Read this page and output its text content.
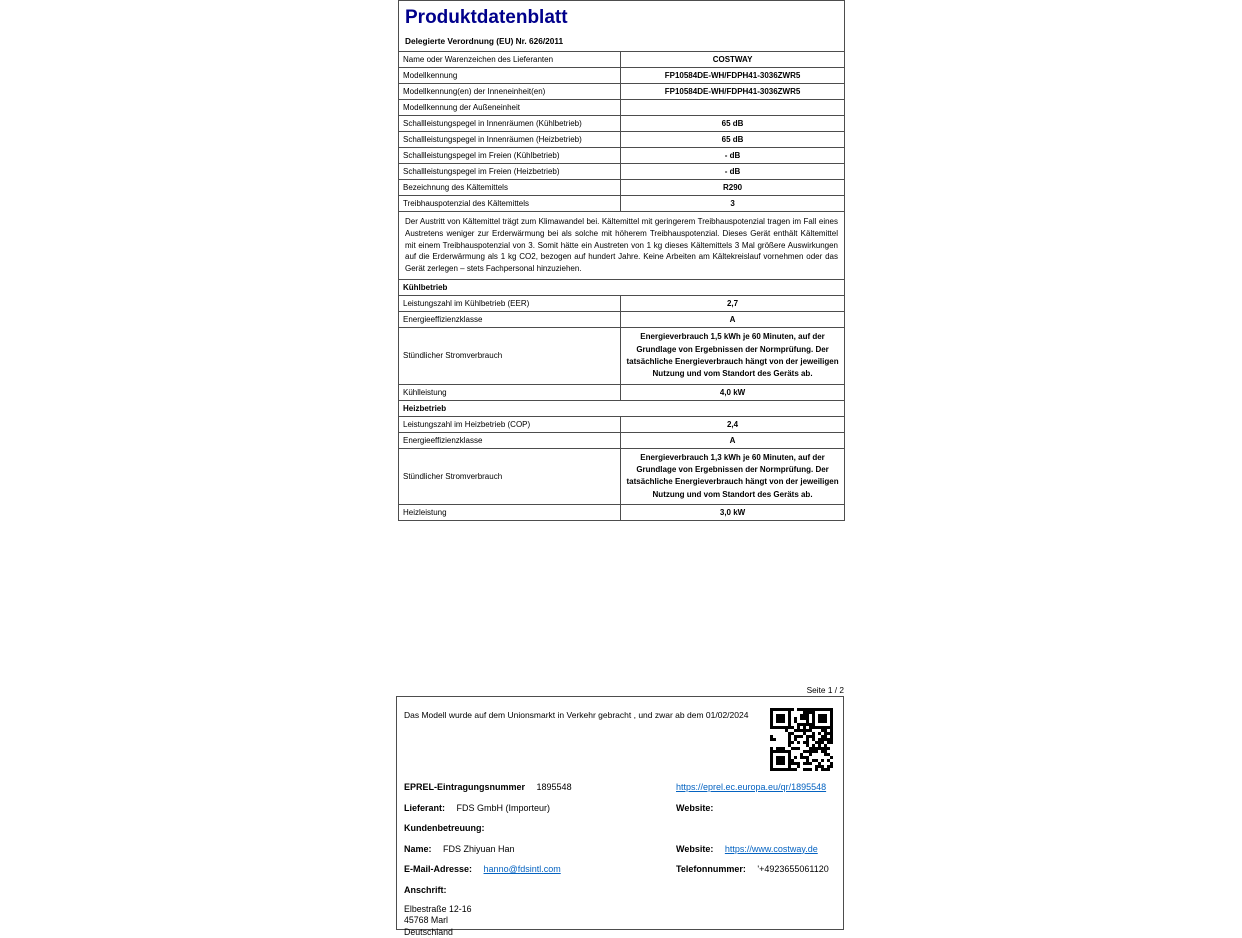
Produktdatenblatt
Delegierte Verordnung (EU) Nr. 626/2011
Name oder Warenzeichen des Lieferanten	COSTWAY
Modellkennung	FP10584DE-WH/FDPH41-3036ZWR5
Modellkennung(en) der Inneneinheit(en)	FP10584DE-WH/FDPH41-3036ZWR5
Modellkennung der Außeneinheit	
Schallleistungspegel in Innenräumen (Kühlbetrieb)	65 dB
Schallleistungspegel in Innenräumen (Heizbetrieb)	65 dB
Schallleistungspegel im Freien (Kühlbetrieb)	- dB
Schallleistungspegel im Freien (Heizbetrieb)	- dB
Bezeichnung des Kältemittels	R290
Treibhauspotenzial des Kältemittels	3
Der Austritt von Kältemittel trägt zum Klimawandel bei. Kältemittel mit geringerem Treibhauspotenzial tragen im Fall eines Austretens weniger zur Erderwärmung bei als solche mit höherem Treibhauspotenzial. Dieses Gerät enthält Kältemittel mit einem Treibhauspotenzial von 3. Somit hätte ein Austreten von 1 kg dieses Kältemittels 3 Mal größere Auswirkungen auf die Erderwärmung als 1 kg CO2, bezogen auf hundert Jahre. Keine Arbeiten am Kältekreislauf vornehmen oder das Gerät zerlegen – stets Fachpersonal hinzuziehen.	
Kühlbetrieb	
Leistungszahl im Kühlbetrieb (EER)	2,7
Energieeffizienzklasse	A
Stündlicher Stromverbrauch	Energieverbrauch 1,5 kWh je 60 Minuten, auf der Grundlage von Ergebnissen der Normprüfung. Der tatsächliche Energieverbrauch hängt von der jeweiligen Nutzung und vom Standort des Geräts ab.
Kühlleistung	4,0 kW
Heizbetrieb	
Leistungszahl im Heizbetrieb (COP)	2,4
Energieeffizienzklasse	A
Stündlicher Stromverbrauch	Energieverbrauch 1,3 kWh je 60 Minuten, auf der Grundlage von Ergebnissen der Normprüfung. Der tatsächliche Energieverbrauch hängt von der jeweiligen Nutzung und vom Standort des Geräts ab.
Heizleistung	3,0 kW
Seite 1 / 2
Das Modell wurde auf dem Unionsmarkt in Verkehr gebracht , und zwar ab dem 01/02/2024
EPREL-Eintragungsnummer 1895548	https://eprel.ec.europa.eu/qr/1895548
Lieferant: FDS GmbH (Importeur)	Website:
Kundenbetreuung:
Name: FDS Zhiyuan Han	Website: https://www.costway.de
E-Mail-Adresse: hanno@fdsintl.com	Telefonnummer: '+4923655061120
Anschrift:
Elbestraße 12-16
45768 Marl
Deutschland
